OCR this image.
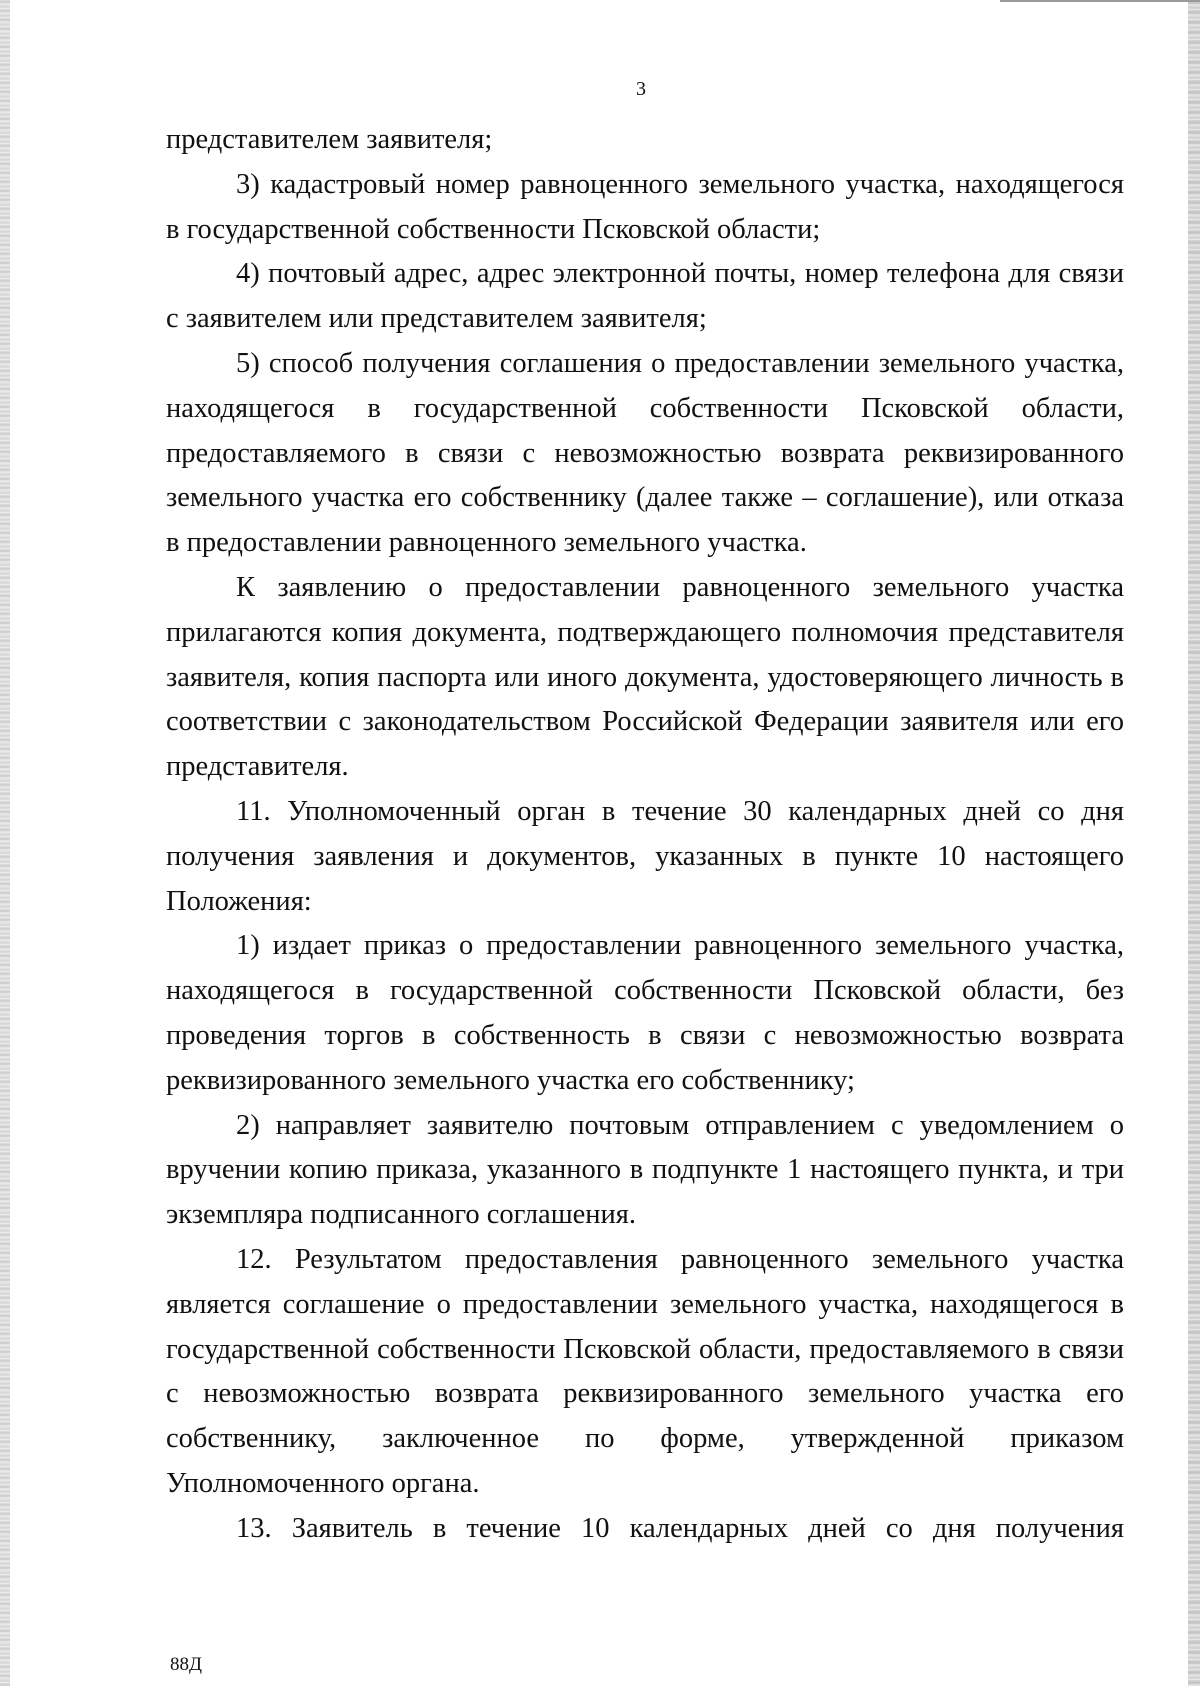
3

представителем заявителя;

3) кадастровый номер равноценного земельного участка, находящегося в государственной собственности Псковской области;

4) почтовый адрес, адрес электронной почты, номер телефона для связи с заявителем или представителем заявителя;

5) способ получения соглашения о предоставлении земельного участка, находящегося в государственной собственности Псковской области, предоставляемого в связи с невозможностью возврата реквизированного земельного участка его собственнику (далее также – соглашение), или отказа в предоставлении равноценного земельного участка.

К заявлению о предоставлении равноценного земельного участка прилагаются копия документа, подтверждающего полномочия представителя заявителя, копия паспорта или иного документа, удостоверяющего личность в соответствии с законодательством Российской Федерации заявителя или его представителя.

11. Уполномоченный орган в течение 30 календарных дней со дня получения заявления и документов, указанных в пункте 10 настоящего Положения:

1) издает приказ о предоставлении равноценного земельного участка, находящегося в государственной собственности Псковской области, без проведения торгов в собственность в связи с невозможностью возврата реквизированного земельного участка его собственнику;

2) направляет заявителю почтовым отправлением с уведомлением о вручении копию приказа, указанного в подпункте 1 настоящего пункта, и три экземпляра подписанного соглашения.

12. Результатом предоставления равноценного земельного участка является соглашение о предоставлении земельного участка, находящегося в государственной собственности Псковской области, предоставляемого в связи с невозможностью возврата реквизированного земельного участка его собственнику, заключенное по форме, утвержденной приказом Уполномоченного органа.

13. Заявитель в течение 10 календарных дней со дня получения

88Д
